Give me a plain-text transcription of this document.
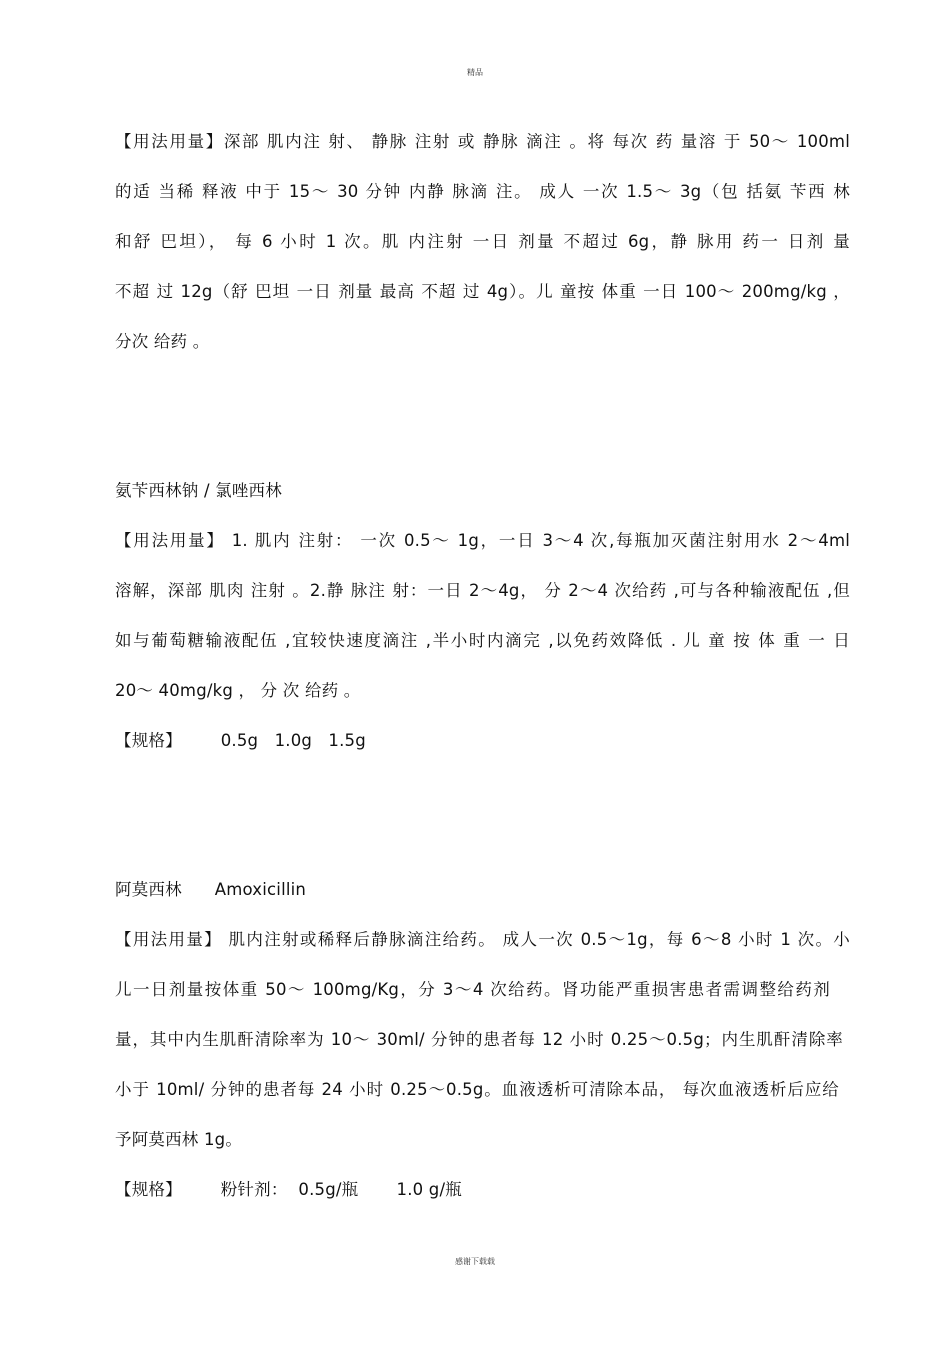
精品
【用法用量】深部 肌内注 射、 静脉 注射 或 静脉 滴注 。将 每次 药 量溶 于 50～ 100ml
的适 当稀 释液 中于 15～ 30 分钟 内静 脉滴 注。 成人 一次 1.5～ 3g（包 括氨 苄西 林
和舒 巴坦）， 每 6 小时 1 次。肌 内注射 一日 剂量 不超过 6g，静 脉用 药一 日剂 量
不超 过 12g（舒 巴坦 一日 剂量 最高 不超 过 4g）。儿 童按 体重 一日 100～ 200mg/kg ，
分次 给药 。
氨苄西林钠 / 氯唑西林
【用法用量】 1. 肌内 注射： 一次 0.5～ 1g，一日 3～4 次,每瓶加灭菌注射用水 2～4ml
溶解，深部 肌肉 注射 。2.静 脉注 射：一日 2～4g， 分 2～4 次给药 ,可与各种输液配伍 ,但
如与葡萄糖输液配伍 ,宜较快速度滴注 ,半小时内滴完 ,以免药效降低 . 儿 童 按 体 重 一 日
20～ 40mg/kg ， 分 次 给药 。
【规格】 0.5g   1.0g   1.5g
阿莫西林 Amoxicillin
【用法用量】 肌内注射或稀释后静脉滴注给药。 成人一次 0.5～1g，每 6～8 小时 1 次。小
儿一日剂量按体重 50～ 100mg/Kg，分 3～4 次给药。肾功能严重损害患者需调整给药剂
量，其中内生肌酐清除率为 10～ 30ml/ 分钟的患者每 12 小时 0.25～0.5g；内生肌酐清除率
小于 10ml/ 分钟的患者每 24 小时 0.25～0.5g。血液透析可清除本品， 每次血液透析后应给
予阿莫西林 1g。
【规格】 粉针剂：  0.5g/瓶       1.0 g/瓶
感谢下载载
